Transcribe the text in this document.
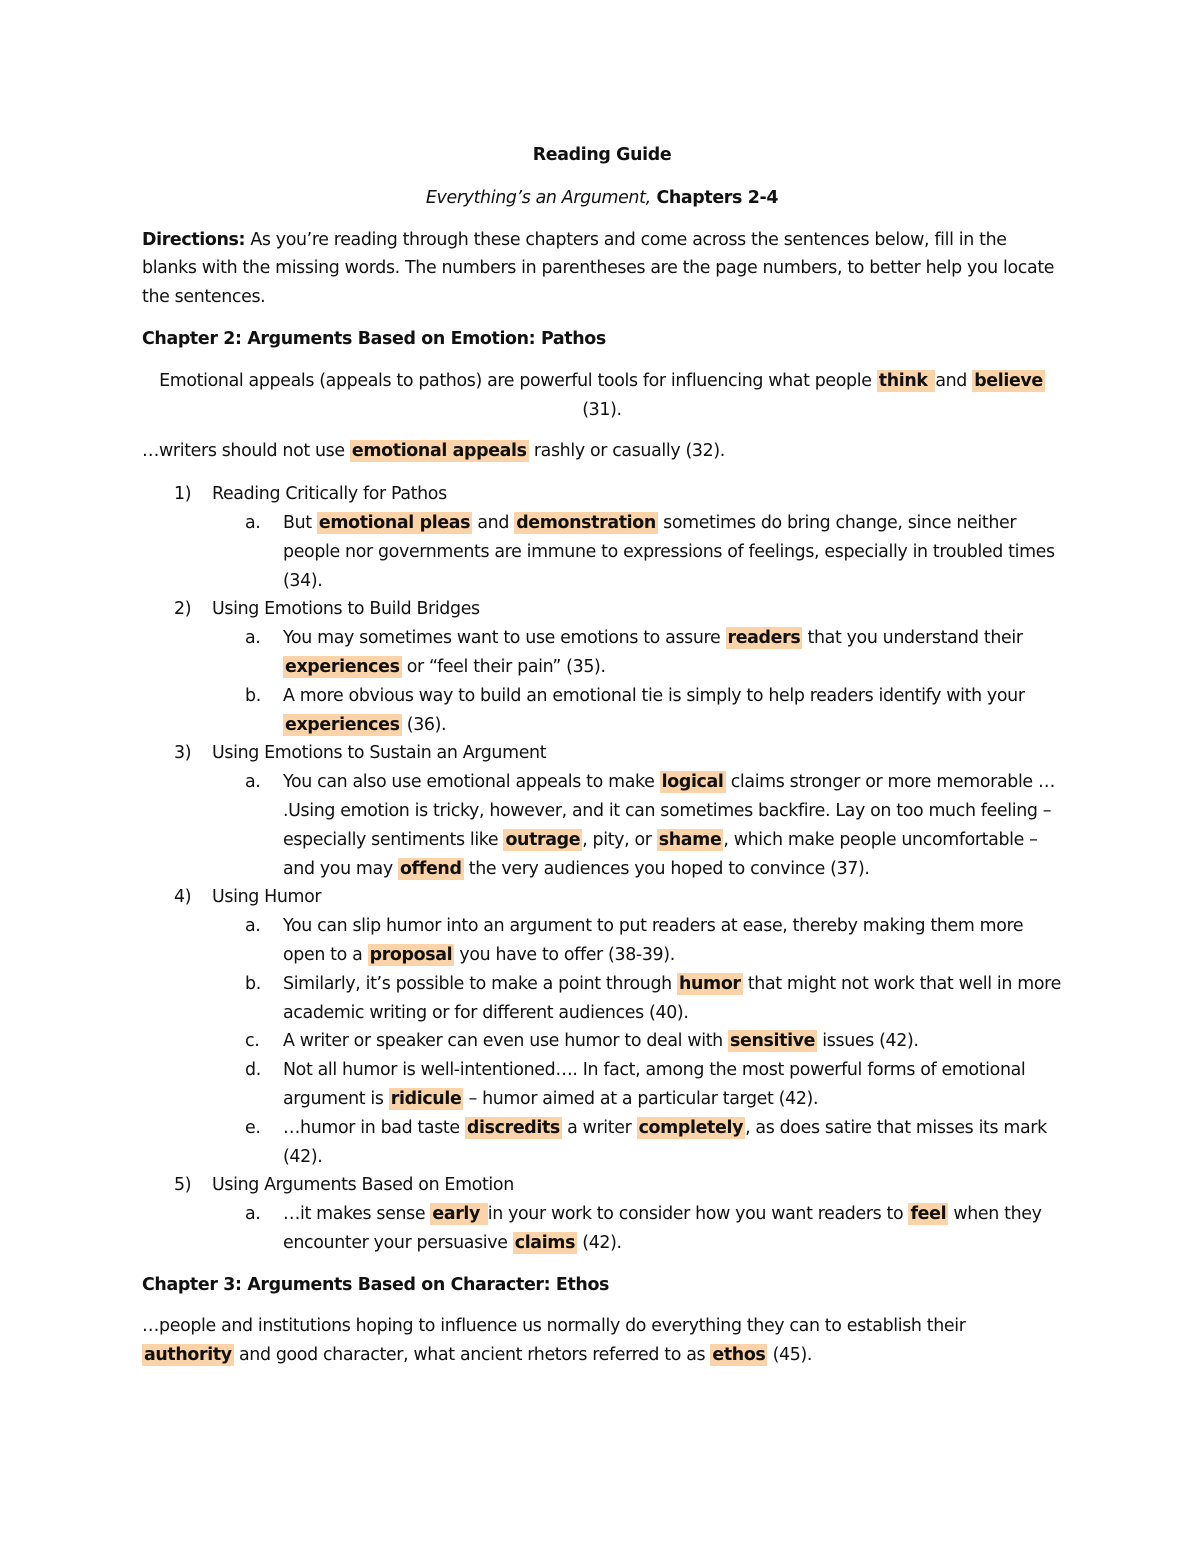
Reading Guide

Everything’s an Argument, Chapters 2-4

Directions: As you’re reading through these chapters and come across the sentences below, fill in the blanks with the missing words. The numbers in parentheses are the page numbers, to better help you locate the sentences.

Chapter 2: Arguments Based on Emotion: Pathos

Emotional appeals (appeals to pathos) are powerful tools for influencing what people think and believe (31).

…writers should not use emotional appeals rashly or casually (32).

1) Reading Critically for Pathos
a.	But emotional pleas and demonstration sometimes do bring change, since neither people nor governments are immune to expressions of feelings, especially in troubled times (34).
2) Using Emotions to Build Bridges
a.	You may sometimes want to use emotions to assure readers that you understand their experiences or “feel their pain” (35).
b.	A more obvious way to build an emotional tie is simply to help readers identify with your experiences (36).
3) Using Emotions to Sustain an Argument
a.	You can also use emotional appeals to make logical claims stronger or more memorable … .Using emotion is tricky, however, and it can sometimes backfire. Lay on too much feeling – especially sentiments like outrage , pity, or shame , which make people uncomfortable – and you may offend the very audiences you hoped to convince (37).
4) Using Humor
a.	You can slip humor into an argument to put readers at ease, thereby making them more open to a proposal you have to offer (38-39).
b.	Similarly, it’s possible to make a point through humor that might not work that well in more academic writing or for different audiences (40).
c.	A writer or speaker can even use humor to deal with sensitive issues (42).
d.	Not all humor is well-intentioned…. In fact, among the most powerful forms of emotional argument is ridicule – humor aimed at a particular target (42).
e.	…humor in bad taste discredits a writer completely , as does satire that misses its mark (42).
5) Using Arguments Based on Emotion
a.	…it makes sense early in your work to consider how you want readers to feel when they encounter your persuasive claims (42).

Chapter 3: Arguments Based on Character: Ethos

…people and institutions hoping to influence us normally do everything they can to establish their authority and good character, what ancient rhetors referred to as ethos (45).
